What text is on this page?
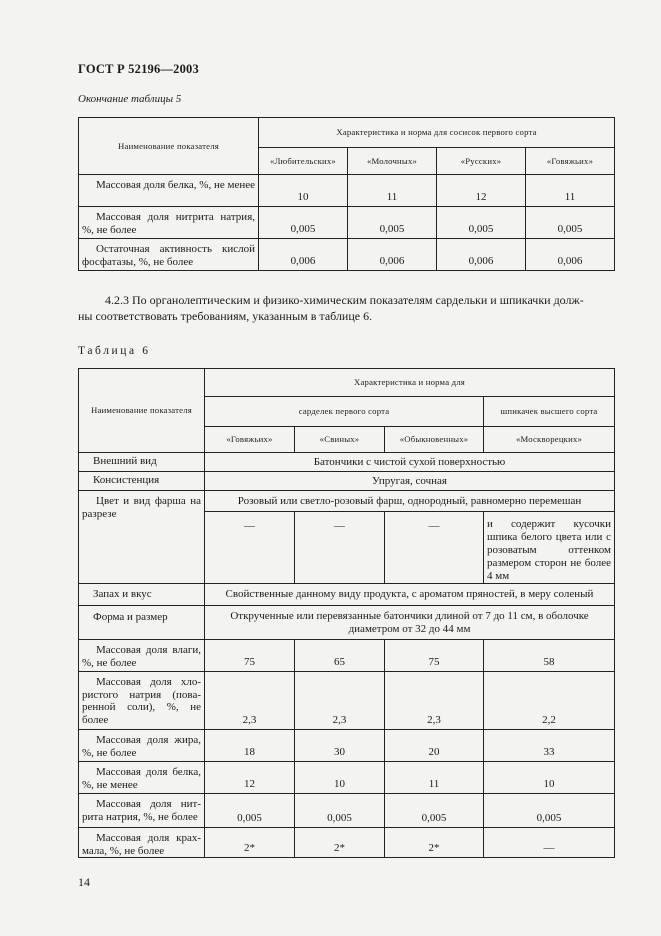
ГОСТ Р 52196—2003
Окончание таблицы 5
Наименование показателя	Характеристика и норма для сосисок первого сорта			
	«Любительских»	«Молочных»	«Русских»	«Говяжьих»
Массовая доля белка, %, не менее	10	11	12	11
Массовая доля нитрита натрия, %, не более	0,005	0,005	0,005	0,005
Остаточная активность кислой фосфатазы, %, не более	0,006	0,006	0,006	0,006
4.2.3 По органолептическим и физико-химическим показателям сардельки и шпикачки долж-
ны соответствовать требованиям, указанным в таблице 6.
Таблица 6
Наименование показателя	Характеристика и норма для			
	сарделек первого сорта			шпикачек высшего сорта
	«Говяжьих»	«Свиных»	«Обыкновенных»	«Москворецких»
Внешний вид	Батончики с чистой сухой поверхностью			
Консистенция	Упругая, сочная			
Цвет и вид фарша на разрезе	Розовый или светло-розовый фарш, однородный, равномерно перемешан			
	—	—	—	и содержит кусочки шпика белого цвета или с розоватым оттенком размером сторон не более 4 мм
Запах и вкус	Свойственные данному виду продукта, с ароматом пряностей, в меру соленый			
Форма и размер	Открученные или перевязанные батончики длиной от 7 до 11 см, в оболочке диаметром от 32 до 44 мм			
Массовая доля влаги, %, не более	75	65	75	58
Массовая доля хло-ристого натрия (пова-ренной соли), %, не более	2,3	2,3	2,3	2,2
Массовая доля жира, %, не более	18	30	20	33
Массовая доля белка, %, не менее	12	10	11	10
Массовая доля нит-рита натрия, %, не более	0,005	0,005	0,005	0,005
Массовая доля крах-мала, %, не более	2*	2*	2*	—
14
